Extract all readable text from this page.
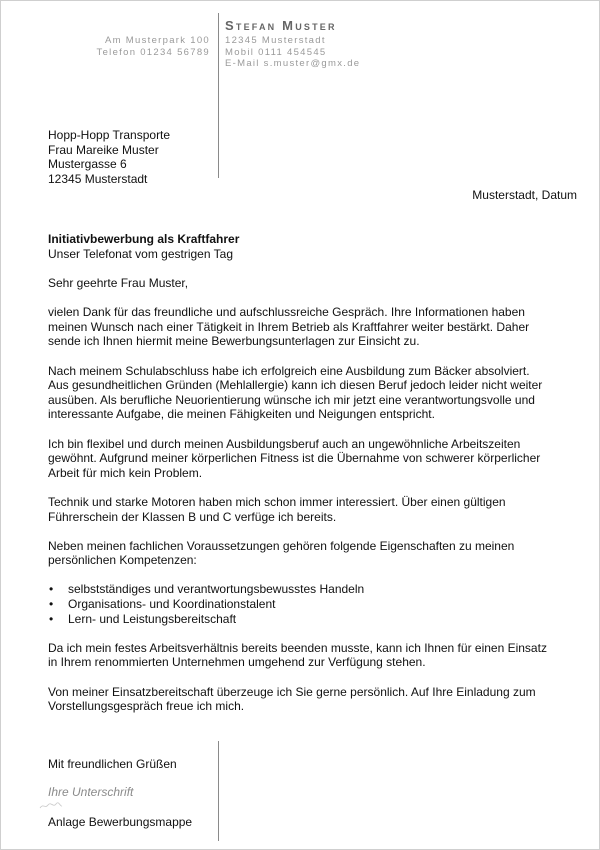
Am Musterpark 100
Telefon 01234 56789
Stefan Muster
12345 Musterstadt
Mobil 0111 454545
E-Mail s.muster@gmx.de
Hopp-Hopp Transporte
Frau Mareike Muster
Mustergasse 6
12345 Musterstadt
Musterstadt, Datum
Initiativbewerbung als Kraftfahrer
Unser Telefonat vom gestrigen Tag

Sehr geehrte Frau Muster,

vielen Dank für das freundliche und aufschlussreiche Gespräch. Ihre Informationen haben

meinen Wunsch nach einer Tätigkeit in Ihrem Betrieb als Kraftfahrer weiter bestärkt. Daher

sende ich Ihnen hiermit meine Bewerbungsunterlagen zur Einsicht zu.

Nach meinem Schulabschluss habe ich erfolgreich eine Ausbildung zum Bäcker absolviert.

Aus gesundheitlichen Gründen (Mehlallergie) kann ich diesen Beruf jedoch leider nicht weiter

ausüben. Als berufliche Neuorientierung wünsche ich mir jetzt eine verantwortungsvolle und

interessante Aufgabe, die meinen Fähigkeiten und Neigungen entspricht.

Ich bin flexibel und durch meinen Ausbildungsberuf auch an ungewöhnliche Arbeitszeiten

gewöhnt. Aufgrund meiner körperlichen Fitness ist die Übernahme von schwerer körperlicher

Arbeit für mich kein Problem.

Technik und starke Motoren haben mich schon immer interessiert. Über einen gültigen

Führerschein der Klassen B und C verfüge ich bereits.

Neben meinen fachlichen Voraussetzungen gehören folgende Eigenschaften zu meinen

persönlichen Kompetenzen:

• selbstständiges und verantwortungsbewusstes Handeln
• Organisations- und Koordinationstalent
• Lern- und Leistungsbereitschaft

Da ich mein festes Arbeitsverhältnis bereits beenden musste, kann ich Ihnen für einen Einsatz

in Ihrem renommierten Unternehmen umgehend zur Verfügung stehen.

Von meiner Einsatzbereitschaft überzeuge ich Sie gerne persönlich. Auf Ihre Einladung zum

Vorstellungsgespräch freue ich mich.

Mit freundlichen Grüßen
Ihre Unterschrift
Anlage Bewerbungsmappe
